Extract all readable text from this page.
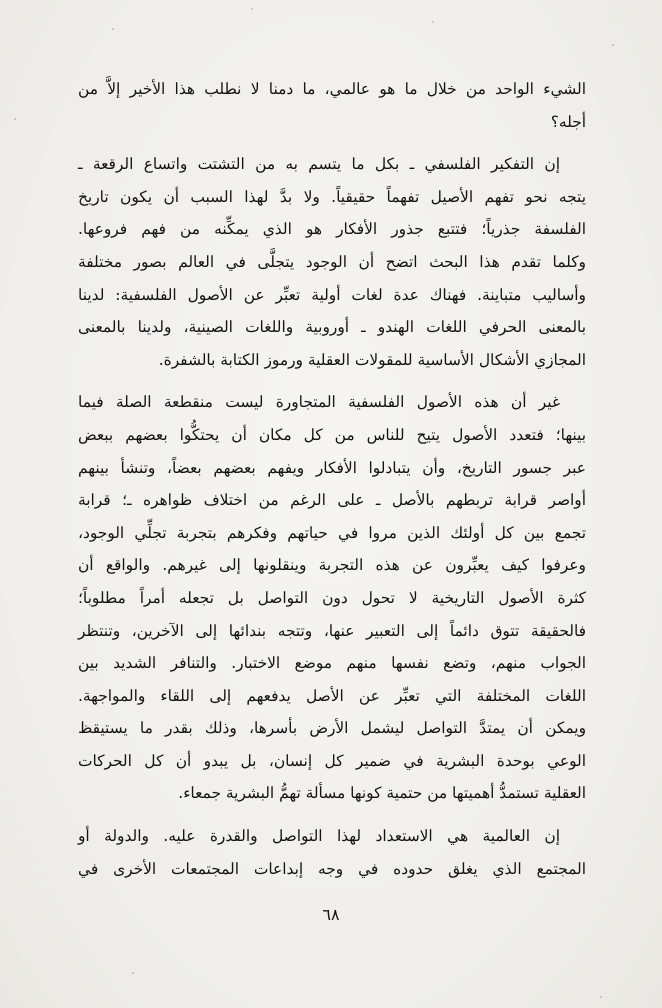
الشيء الواحد من خلال ما هو عالمي، ما دمنا لا نطلب هذا الأخير إلاَّ من
أجله؟
إن التفكير الفلسفي ـ بكل ما يتسم به من التشتت واتساع الرقعة ـ
يتجه نحو تفهم الأصيل تفهماً حقيقياً. ولا بدَّ لهذا السبب أن يكون تاريخ
الفلسفة جذرياً؛ فتتبع جذور الأفكار هو الذي يمكِّنه من فهم فروعها.
وكلما تقدم هذا البحث اتضح أن الوجود يتجلَّى في العالم بصور مختلفة
وأساليب متباينة. فهناك عدة لغات أولية تعبِّر عن الأصول الفلسفية: لدينا
بالمعنى الحرفي اللغات الهندو ـ أوروبية واللغات الصينية، ولدينا بالمعنى
المجازي الأشكال الأساسية للمقولات العقلية ورموز الكتابة بالشفرة.
غير أن هذه الأصول الفلسفية المتجاورة ليست منقطعة الصلة فيما
بينها؛ فتعدد الأصول يتيح للناس من كل مكان أن يحتكُّوا بعضهم ببعض
عبر جسور التاريخ، وأن يتبادلوا الأفكار ويفهم بعضهم بعضاً، وتنشأ بينهم
أواصر قرابة تربطهم بالأصل ـ على الرغم من اختلاف ظواهره ـ؛ قرابة
تجمع بين كل أولئك الذين مروا في حياتهم وفكرهم بتجربة تجلِّي الوجود،
وعرفوا كيف يعبِّرون عن هذه التجربة وينقلونها إلى غيرهم. والواقع أن
كثرة الأصول التاريخية لا تحول دون التواصل بل تجعله أمراً مطلوباً؛
فالحقيقة تتوق دائماً إلى التعبير عنها، وتتجه بندائها إلى الآخرين، وتنتظر
الجواب منهم، وتضع نفسها منهم موضع الاختبار. والتنافر الشديد بين
اللغات المختلفة التي تعبِّر عن الأصل يدفعهم إلى اللقاء والمواجهة.
ويمكن أن يمتدَّ التواصل ليشمل الأرض بأسرها، وذلك بقدر ما يستيقظ
الوعي بوحدة البشرية في ضمير كل إنسان، بل يبدو أن كل الحركات
العقلية تستمدُّ أهميتها من حتمية كونها مسألة تهمُّ البشرية جمعاء.
إن العالمية هي الاستعداد لهذا التواصل والقدرة عليه. والدولة أو
المجتمع الذي يغلق حدوده في وجه إبداعات المجتمعات الأخرى في
٦٨
